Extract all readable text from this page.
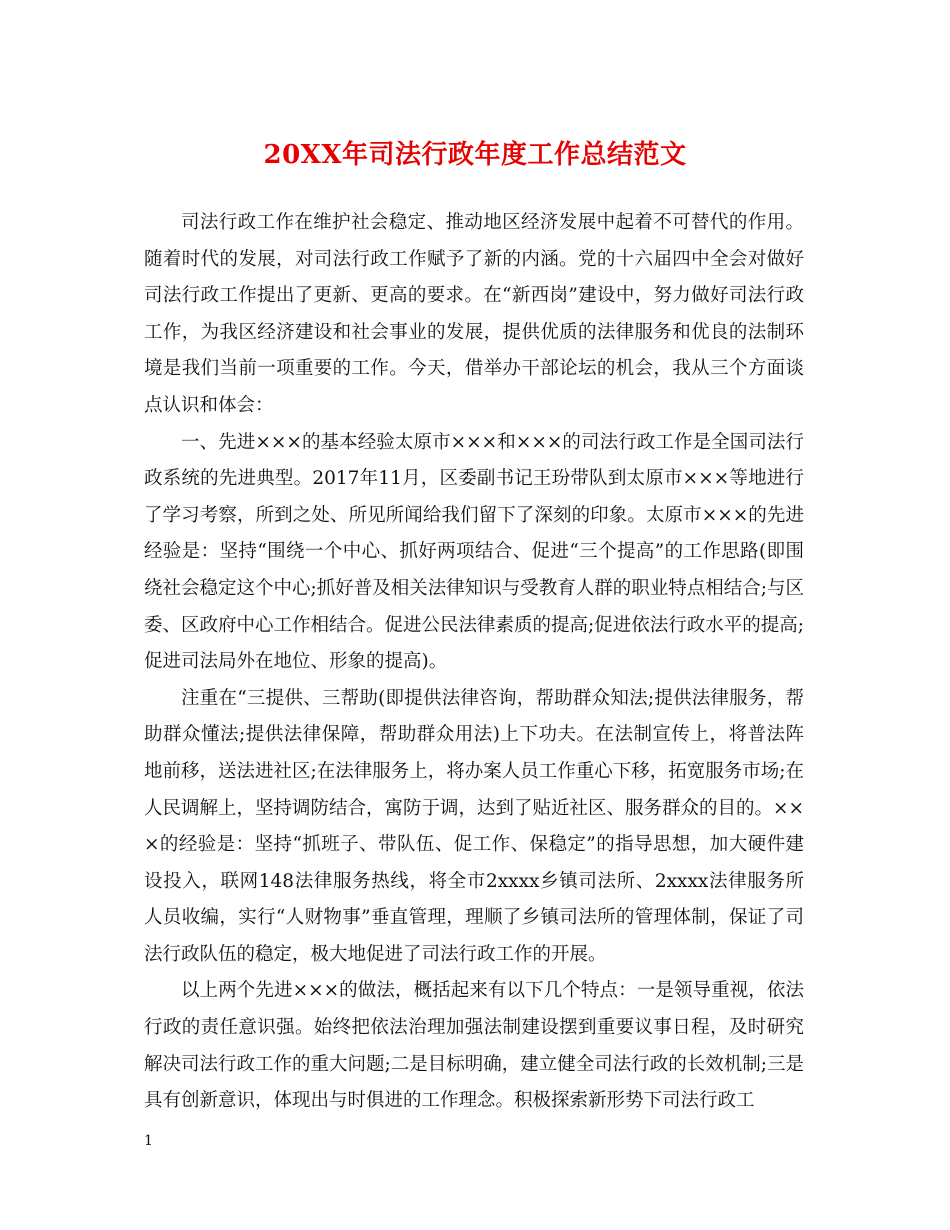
20XX年司法行政年度工作总结范文

司法行政工作在维护社会稳定、推动地区经济发展中起着不可替代的作用。随着时代的发展，对司法行政工作赋予了新的内涵。党的十六届四中全会对做好司法行政工作提出了更新、更高的要求。在“新西岗”建设中，努力做好司法行政工作，为我区经济建设和社会事业的发展，提供优质的法律服务和优良的法制环境是我们当前一项重要的工作。今天，借举办干部论坛的机会，我从三个方面谈点认识和体会：

一、先进×××的基本经验太原市×××和×××的司法行政工作是全国司法行政系统的先进典型。2017年11月，区委副书记王玢带队到太原市×××等地进行了学习考察，所到之处、所见所闻给我们留下了深刻的印象。太原市×××的先进经验是：坚持“围绕一个中心、抓好两项结合、促进“三个提高”的工作思路(即围绕社会稳定这个中心;抓好普及相关法律知识与受教育人群的职业特点相结合;与区委、区政府中心工作相结合。促进公民法律素质的提高;促进依法行政水平的提高;促进司法局外在地位、形象的提高)。

注重在“三提供、三帮助(即提供法律咨询，帮助群众知法;提供法律服务，帮助群众懂法;提供法律保障，帮助群众用法)上下功夫。在法制宣传上，将普法阵地前移，送法进社区;在法律服务上，将办案人员工作重心下移，拓宽服务市场;在人民调解上，坚持调防结合，寓防于调，达到了贴近社区、服务群众的目的。×××的经验是：坚持“抓班子、带队伍、促工作、保稳定”的指导思想，加大硬件建设投入，联网148法律服务热线，将全市2xxxx乡镇司法所、2xxxx法律服务所人员收编，实行“人财物事”垂直管理，理顺了乡镇司法所的管理体制，保证了司法行政队伍的稳定，极大地促进了司法行政工作的开展。

以上两个先进×××的做法，概括起来有以下几个特点：一是领导重视，依法行政的责任意识强。始终把依法治理加强法制建设摆到重要议事日程，及时研究解决司法行政工作的重大问题;二是目标明确，建立健全司法行政的长效机制;三是具有创新意识，体现出与时俱进的工作理念。积极探索新形势下司法行政工

1
